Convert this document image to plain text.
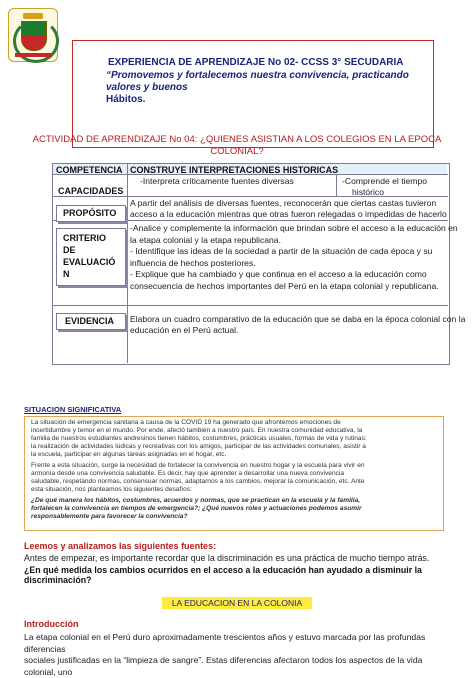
EXPERIENCIA DE APRENDIZAJE No 02- CCSS 3° SECUDARIA
“Promovemos y fortalecemos nuestra convivencia, practicando valores y buenos
Hábitos.
ACTIVIDAD DE APRENDIZAJE No 04: ¿QUIENES ASISTIAN A LOS COLEGIOS EN LA EPOCA
COLONIAL?
COMPETENCIA CONSTRUYE INTERPRETACIONES HISTORICAS
CAPACIDADES
-Interpreta críticamente fuentes diversas	-Comprende el tiempo
histórico
PROPÓSITO
A partir del análisis de diversas fuentes, reconocerán que ciertas castas tuvieron
acceso a la educación mientras que otras fueron relegadas o impedidas de hacerlo
CRITERIO
DE
EVALUACIÓ
N
-Analice y complemente la información que brindan sobre el acceso a la educación en
la etapa colonial y la etapa republicana.
- Identifique las ideas de la sociedad a partir de la situación de cada época y su
influencia de hechos posteriores.
- Explique que ha cambiado y que continua en el acceso a la educación como
consecuencia de hechos importantes del Perú en la etapa colonial y republicana.
EVIDENCIA Elabora un cuadro comparativo de la educación que se daba en la época colonial con la
educación en el Perú actual.
SITUACION SIGNIFICATIVA
La situación de emergencia sanitaria a causa de la COVID 19 ha generado que afrontemos emociones de
incertidumbre y temor en el mundo. Por ende, afectó también a nuestro país. En nuestra comunidad educativa, la
familia de nuestros estudiantes andresinos tienen hábitos, costumbres, prácticas usuales, formas de vida y rutinas:
la realización de actividades lúdicas y recreativas con los amigos, participar de las actividades comunales, asistir a
la escuela, participar en algunas tareas asignadas en el hogar, etc.
Frente a esta situación, surge la necesidad de fortalecer la convivencia en nuestro hogar y la escuela para vivir en
armonía desde una convivencia saludable. Es decir, hay que aprender a desarrollar una nueva convivencia
saludable, respetando normas, consensuar normas, adaptarnos a los cambios, mejorar la comunicación, etc. Ante
esta situación, nos planteamos los siguientes desafíos:
¿De qué manera los hábitos, costumbres, acuerdos y normas, que se practican en la escuela y la familia,
fortalecen la convivencia en tiempos de emergencia?; ¿Qué nuevos roles y actuaciones podemos asumir
responsablemente para favorecer la convivencia?
Leemos y analizamos las siguientes fuentes:
Antes de empezar, es importante recordar que la discriminación es una práctica de mucho tiempo atrás.
¿En qué medida los cambios ocurridos en el acceso a la educación han ayudado a disminuir la discriminación?
LA EDUCACION EN LA COLONIA
Introducción
La etapa colonial en el Perú duro aproximadamente trescientos años y estuvo marcada por las profundas diferencias
sociales justificadas en la “limpieza de sangre”. Estas diferencias afectaron todos los aspectos de la vida colonial, uno
